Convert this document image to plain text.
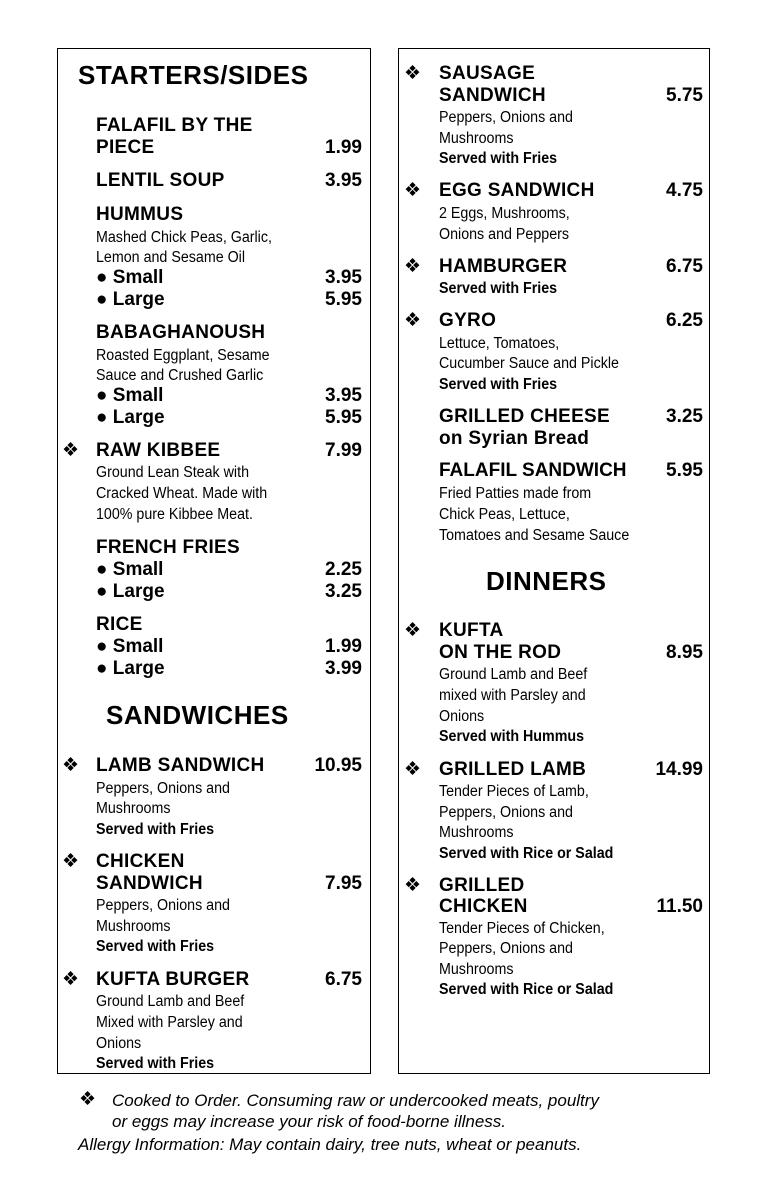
STARTERS/SIDES
FALAFIL BY THE
PIECE	1.99
LENTIL SOUP	3.95
HUMMUS
Mashed Chick Peas, Garlic,
Lemon and Sesame Oil
● Small	3.95
● Large	5.95
BABAGHANOUSH
Roasted Eggplant, Sesame
Sauce and Crushed Garlic
● Small	3.95
● Large	5.95
❖ RAW KIBBEE	7.99
Ground Lean Steak with
Cracked Wheat. Made with
100% pure Kibbee Meat.
FRENCH FRIES
● Small	2.25
● Large	3.25
RICE
● Small	1.99
● Large	3.99
SANDWICHES
❖ LAMB SANDWICH	10.95
Peppers, Onions and
Mushrooms
Served with Fries
❖ CHICKEN
SANDWICH	7.95
Peppers, Onions and
Mushrooms
Served with Fries
❖ KUFTA BURGER	6.75
Ground Lamb and Beef
Mixed with Parsley and
Onions
Served with Fries
❖ SAUSAGE
SANDWICH	5.75
Peppers, Onions and
Mushrooms
Served with Fries
❖ EGG SANDWICH	4.75
2 Eggs, Mushrooms,
Onions and Peppers
❖ HAMBURGER	6.75
Served with Fries
❖ GYRO	6.25
Lettuce, Tomatoes,
Cucumber Sauce and Pickle
Served with Fries
GRILLED CHEESE	3.25
on Syrian Bread
FALAFIL SANDWICH	5.95
Fried Patties made from
Chick Peas, Lettuce,
Tomatoes and Sesame Sauce
DINNERS
❖ KUFTA
ON THE ROD	8.95
Ground Lamb and Beef
mixed with Parsley and
Onions
Served with Hummus
❖ GRILLED LAMB	14.99
Tender Pieces of Lamb,
Peppers, Onions and
Mushrooms
Served with Rice or Salad
❖ GRILLED
CHICKEN	11.50
Tender Pieces of Chicken,
Peppers, Onions and
Mushrooms
Served with Rice or Salad
❖ Cooked to Order. Consuming raw or undercooked meats, poultry
or eggs may increase your risk of food-borne illness.
Allergy Information: May contain dairy, tree nuts, wheat or peanuts.
